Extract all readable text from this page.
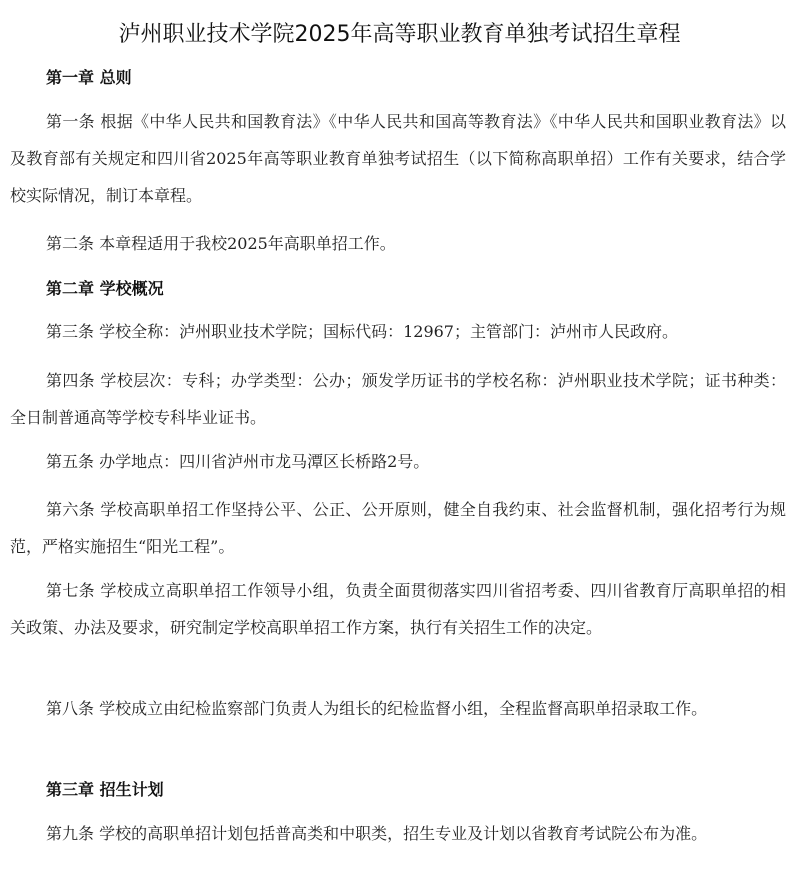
泸州职业技术学院2025年高等职业教育单独考试招生章程
第一章 总则
第一条 根据《中华人民共和国教育法》《中华人民共和国高等教育法》《中华人民共和国职业教育法》以及教育部有关规定和四川省2025年高等职业教育单独考试招生（以下简称高职单招）工作有关要求，结合学校实际情况，制订本章程。
第二条 本章程适用于我校2025年高职单招工作。
第二章 学校概况
第三条 学校全称：泸州职业技术学院；国标代码：12967；主管部门：泸州市人民政府。
第四条 学校层次：专科；办学类型：公办；颁发学历证书的学校名称：泸州职业技术学院；证书种类：全日制普通高等学校专科毕业证书。
第五条 办学地点：四川省泸州市龙马潭区长桥路2号。
第六条 学校高职单招工作坚持公平、公正、公开原则，健全自我约束、社会监督机制，强化招考行为规范，严格实施招生“阳光工程”。
第七条 学校成立高职单招工作领导小组，负责全面贯彻落实四川省招考委、四川省教育厅高职单招的相关政策、办法及要求，研究制定学校高职单招工作方案，执行有关招生工作的决定。
第八条 学校成立由纪检监察部门负责人为组长的纪检监督小组，全程监督高职单招录取工作。
第三章 招生计划
第九条 学校的高职单招计划包括普高类和中职类，招生专业及计划以省教育考试院公布为准。
